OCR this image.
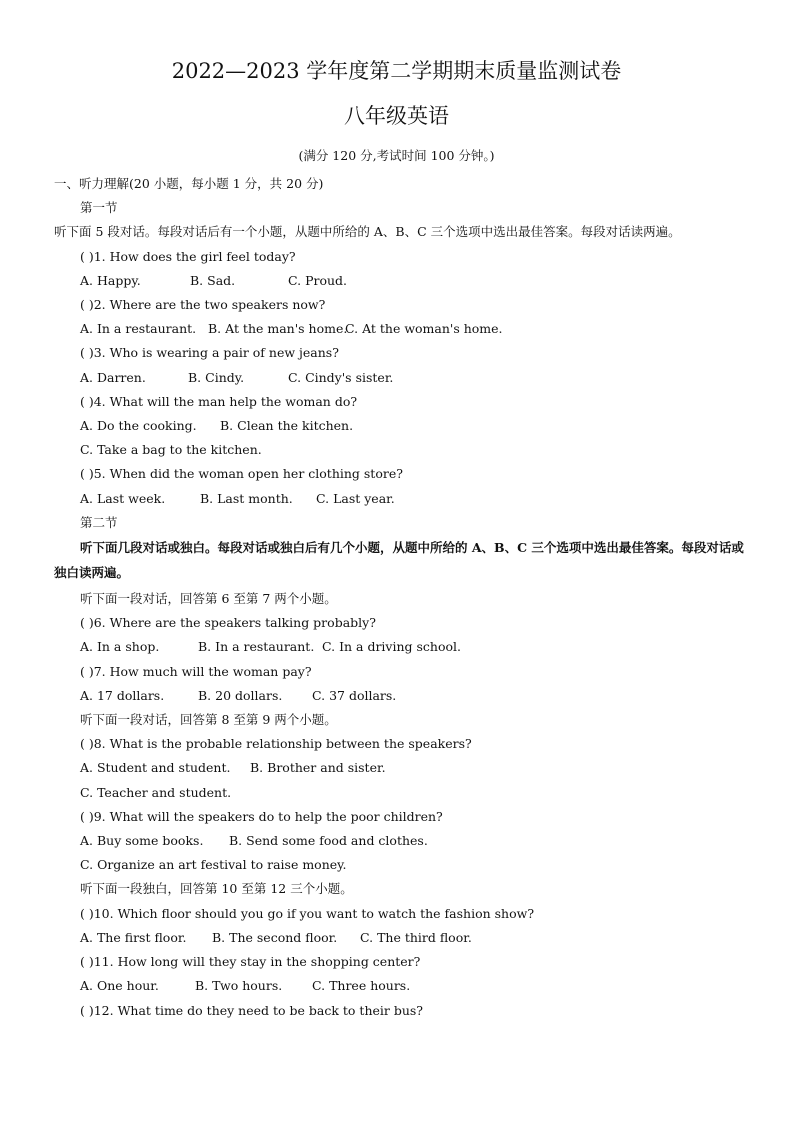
2022—2023 学年度第二学期期末质量监测试卷
八年级英语
(满分 120 分,考试时间 100 分钟。)
一、听力理解(20 小题，每小题 1 分，共 20 分)
第一节
听下面 5 段对话。每段对话后有一个小题，从题中所给的 A、B、C 三个选项中选出最佳答案。每段对话读两遍。
( )1. How does the girl feel today?
A. Happy.	B. Sad.	C. Proud.
( )2. Where are the two speakers now?
A. In a restaurant. B. At the man's home.C. At the woman's home.
( )3. Who is wearing a pair of new jeans?
A. Darren.	B. Cindy.	C. Cindy's sister.
( )4. What will the man help the woman do?
A. Do the cooking. B. Clean the kitchen.
C. Take a bag to the kitchen.
( )5. When did the woman open her clothing store?
A. Last week.	B. Last month. C. Last year.
第二节
听下面几段对话或独白。每段对话或独白后有几个小题，从题中所给的 A、B、C 三个选项中选出最佳答案。每段对话或独白读两遍。
听下面一段对话，回答第 6 至第 7 两个小题。
( )6. Where are the speakers talking probably?
A. In a shop.	B. In a restaurant. C. In a driving school.
( )7. How much will the woman pay?
A. 17 dollars.	B. 20 dollars. C. 37 dollars.
听下面一段对话，回答第 8 至第 9 两个小题。
( )8. What is the probable relationship between the speakers?
A. Student and student. B. Brother and sister.
C. Teacher and student.
( )9. What will the speakers do to help the poor children?
A. Buy some books. B. Send some food and clothes.
C. Organize an art festival to raise money.
听下面一段独白，回答第 10 至第 12 三个小题。
( )10. Which floor should you go if you want to watch the fashion show?
A. The first floor. B. The second floor. C. The third floor.
( )11. How long will they stay in the shopping center?
A. One hour.	B. Two hours. C. Three hours.
( )12. What time do they need to be back to their bus?
